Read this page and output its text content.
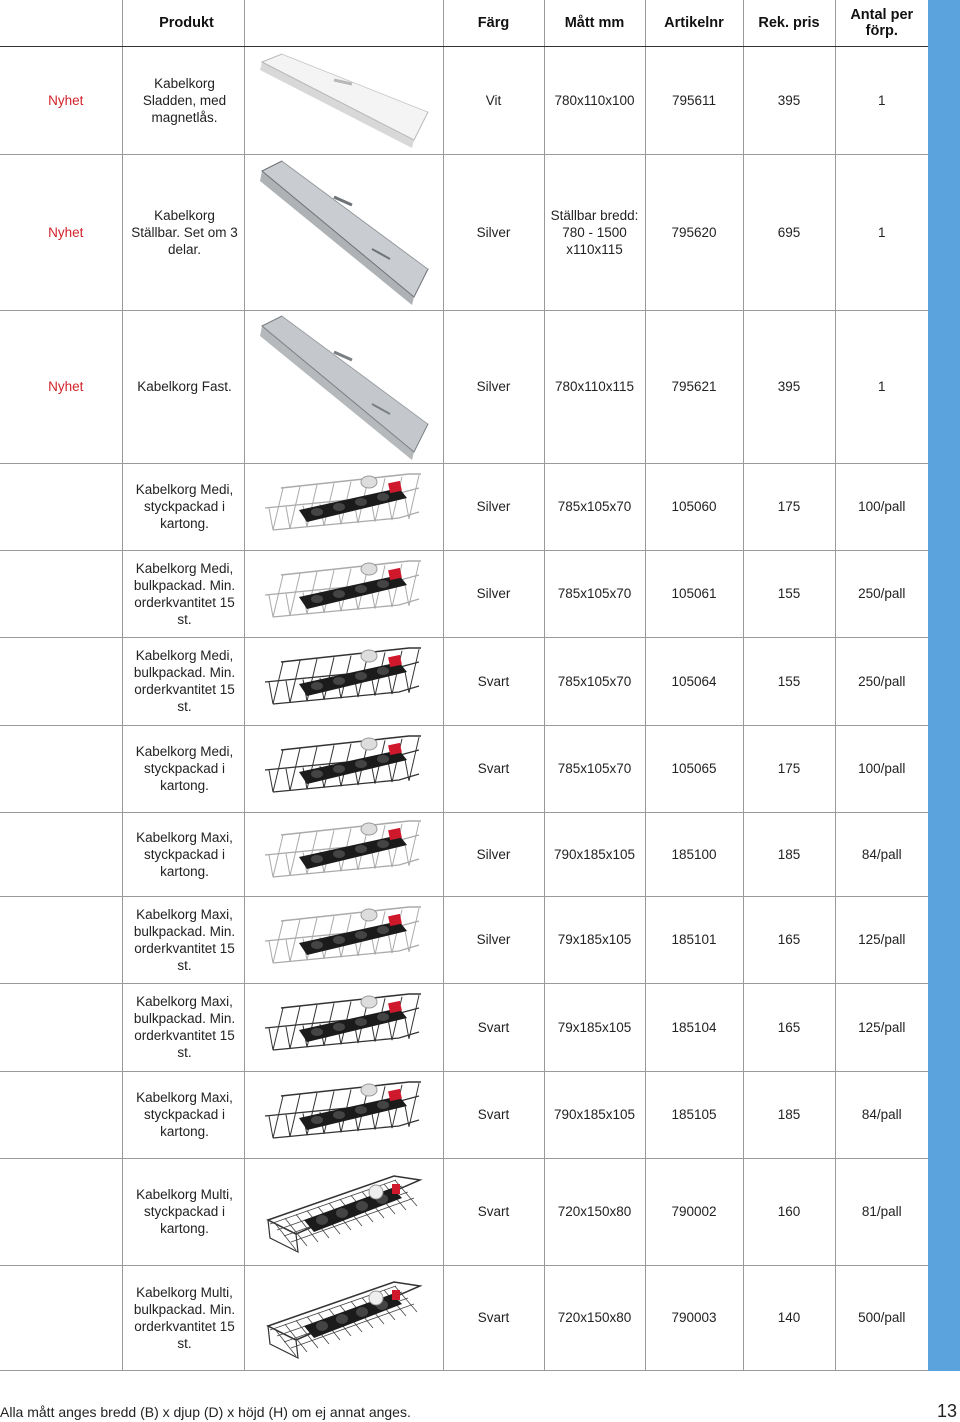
	Produkt		Färg	Mått mm	Artikelnr	Rek. pris	Antal per förp.
Nyhet	Kabelkorg Sladden, med magnetlås.		Vit	780x110x100	795611	395	1
Nyhet	Kabelkorg Ställbar. Set om 3 delar.		Silver	Ställbar bredd: 780 - 1500 x110x115	795620	695	1
Nyhet	Kabelkorg Fast.		Silver	780x110x115	795621	395	1
	Kabelkorg Medi, styckpackad i kartong.		Silver	785x105x70	105060	175	100/pall
	Kabelkorg Medi, bulkpackad. Min. orderkvantitet 15 st.		Silver	785x105x70	105061	155	250/pall
	Kabelkorg Medi, bulkpackad. Min. orderkvantitet 15 st.		Svart	785x105x70	105064	155	250/pall
	Kabelkorg Medi, styckpackad i kartong.		Svart	785x105x70	105065	175	100/pall
	Kabelkorg Maxi, styckpackad i kartong.		Silver	790x185x105	185100	185	84/pall
	Kabelkorg Maxi, bulkpackad. Min. orderkvantitet 15 st.		Silver	79x185x105	185101	165	125/pall
	Kabelkorg Maxi, bulkpackad. Min. orderkvantitet 15 st.		Svart	79x185x105	185104	165	125/pall
	Kabelkorg Maxi, styckpackad i kartong.		Svart	790x185x105	185105	185	84/pall
	Kabelkorg Multi, styckpackad i kartong.		Svart	720x150x80	790002	160	81/pall
	Kabelkorg Multi, bulkpackad. Min. orderkvantitet 15 st.		Svart	720x150x80	790003	140	500/pall
Alla mått anges bredd (B) x djup (D) x höjd (H) om ej annat anges.	13
